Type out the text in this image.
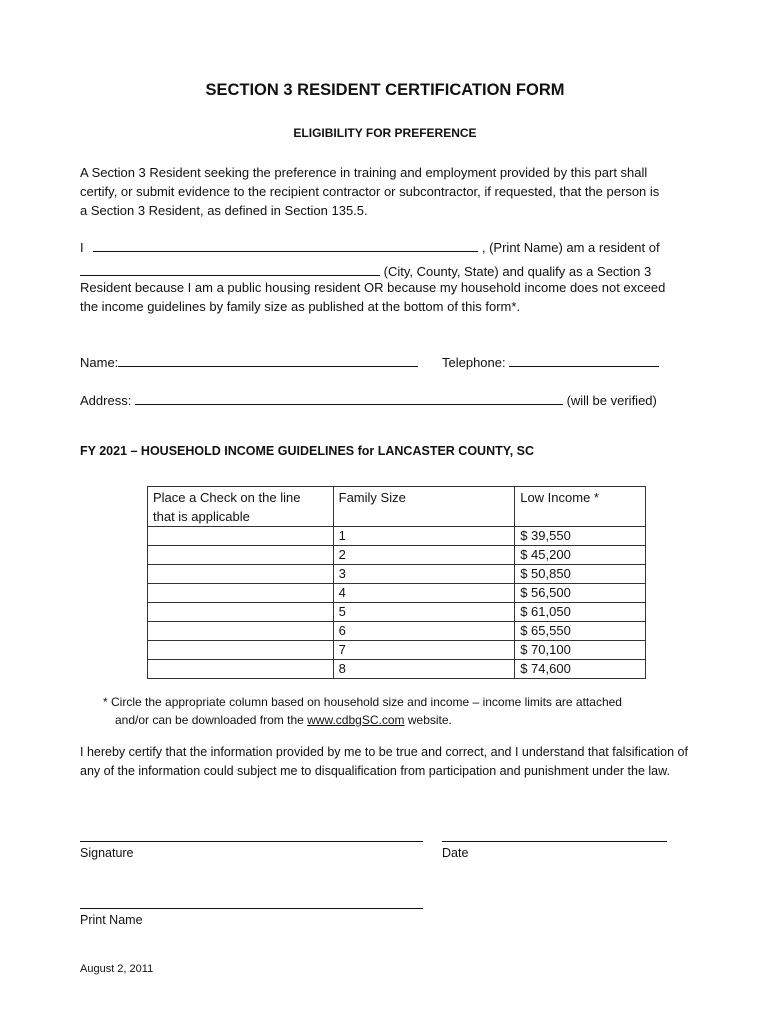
SECTION 3 RESIDENT CERTIFICATION FORM
ELIGIBILITY FOR PREFERENCE
A Section 3 Resident seeking the preference in training and employment provided by this part shall
certify, or submit evidence to the recipient contractor or subcontractor, if requested, that the person is
a Section 3 Resident, as defined in Section 135.5.
I	, (Print Name) am a resident of
(City, County, State) and qualify as a Section 3
Resident because I am a public housing resident OR because my household income does not exceed
the income guidelines by family size as published at the bottom of this form*.
Name:	Telephone:
Address:	(will be verified)
FY 2021 – HOUSEHOLD INCOME GUIDELINES for LANCASTER COUNTY, SC
Place a Check on the line
that is applicable	Family Size	Low Income *
	1	$ 39,550
	2	$ 45,200
	3	$ 50,850
	4	$ 56,500
	5	$ 61,050
	6	$ 65,550
	7	$ 70,100
	8	$ 74,600
* Circle the appropriate column based on household size and income – income limits are attached
and/or can be downloaded from the www.cdbgSC.com website.
I hereby certify that the information provided by me to be true and correct, and I understand that falsification of
any of the information could subject me to disqualification from participation and punishment under the law.
Signature	Date
Print Name
August 2, 2011
